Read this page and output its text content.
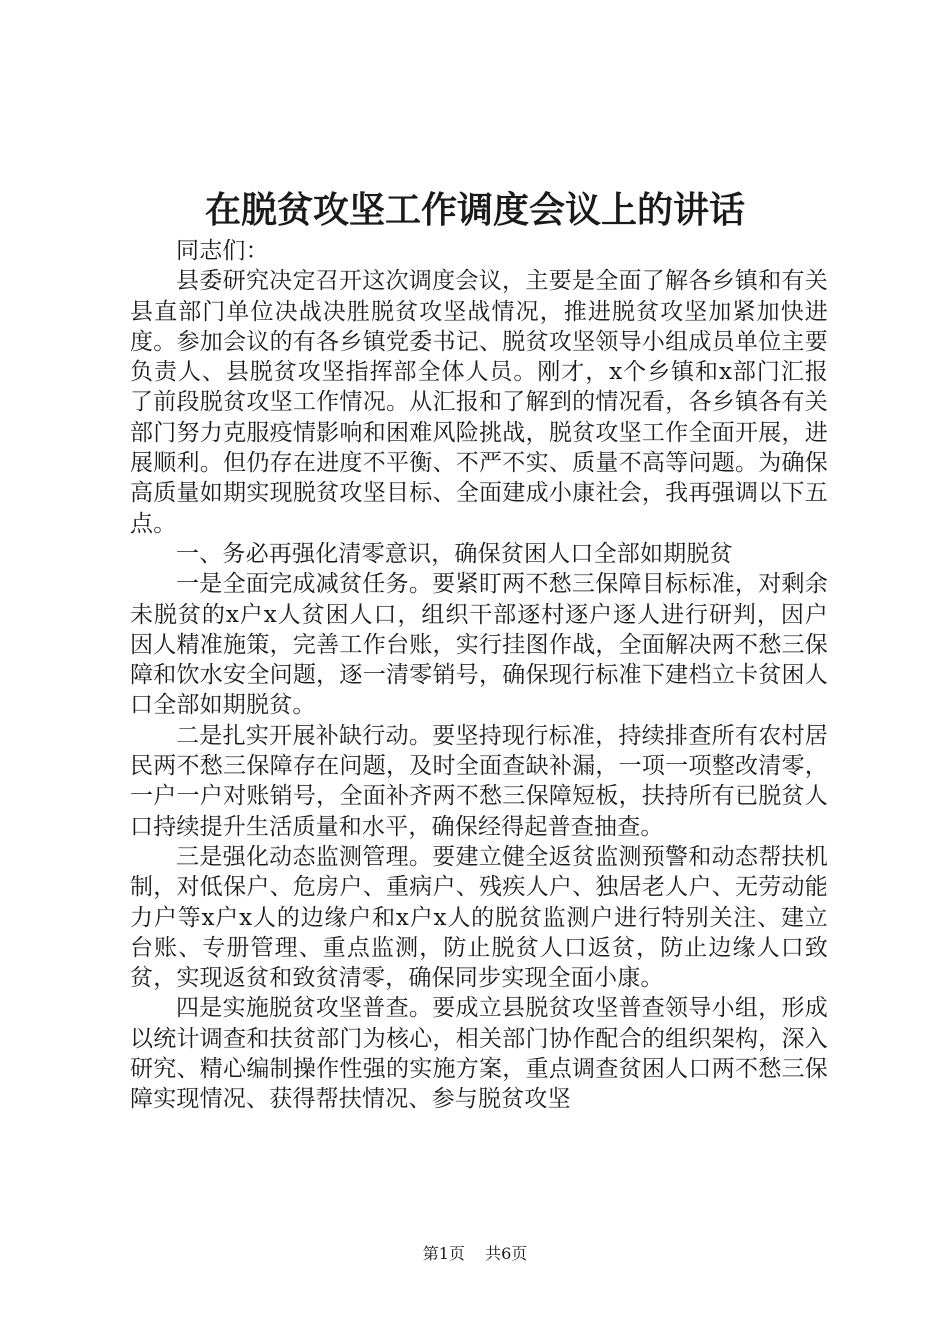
在脱贫攻坚工作调度会议上的讲话

同志们：

县委研究决定召开这次调度会议，主要是全面了解各乡镇和有关县直部门单位决战决胜脱贫攻坚战情况，推进脱贫攻坚加紧加快进度。参加会议的有各乡镇党委书记、脱贫攻坚领导小组成员单位主要负责人、县脱贫攻坚指挥部全体人员。刚才，x个乡镇和x部门汇报了前段脱贫攻坚工作情况。从汇报和了解到的情况看，各乡镇各有关部门努力克服疫情影响和困难风险挑战，脱贫攻坚工作全面开展，进展顺利。但仍存在进度不平衡、不严不实、质量不高等问题。为确保高质量如期实现脱贫攻坚目标、全面建成小康社会，我再强调以下五点。

一、务必再强化清零意识，确保贫困人口全部如期脱贫

一是全面完成减贫任务。要紧盯两不愁三保障目标标准，对剩余未脱贫的x户x人贫困人口，组织干部逐村逐户逐人进行研判，因户因人精准施策，完善工作台账，实行挂图作战，全面解决两不愁三保障和饮水安全问题，逐一清零销号，确保现行标准下建档立卡贫困人口全部如期脱贫。

二是扎实开展补缺行动。要坚持现行标准，持续排查所有农村居民两不愁三保障存在问题，及时全面查缺补漏，一项一项整改清零，一户一户对账销号，全面补齐两不愁三保障短板，扶持所有已脱贫人口持续提升生活质量和水平，确保经得起普查抽查。

三是强化动态监测管理。要建立健全返贫监测预警和动态帮扶机制，对低保户、危房户、重病户、残疾人户、独居老人户、无劳动能力户等x户x人的边缘户和x户x人的脱贫监测户进行特别关注、建立台账、专册管理、重点监测，防止脱贫人口返贫，防止边缘人口致贫，实现返贫和致贫清零，确保同步实现全面小康。

四是实施脱贫攻坚普查。要成立县脱贫攻坚普查领导小组，形成以统计调查和扶贫部门为核心，相关部门协作配合的组织架构，深入研究、精心编制操作性强的实施方案，重点调查贫困人口两不愁三保障实现情况、获得帮扶情况、参与脱贫攻坚

第1页 共6页
